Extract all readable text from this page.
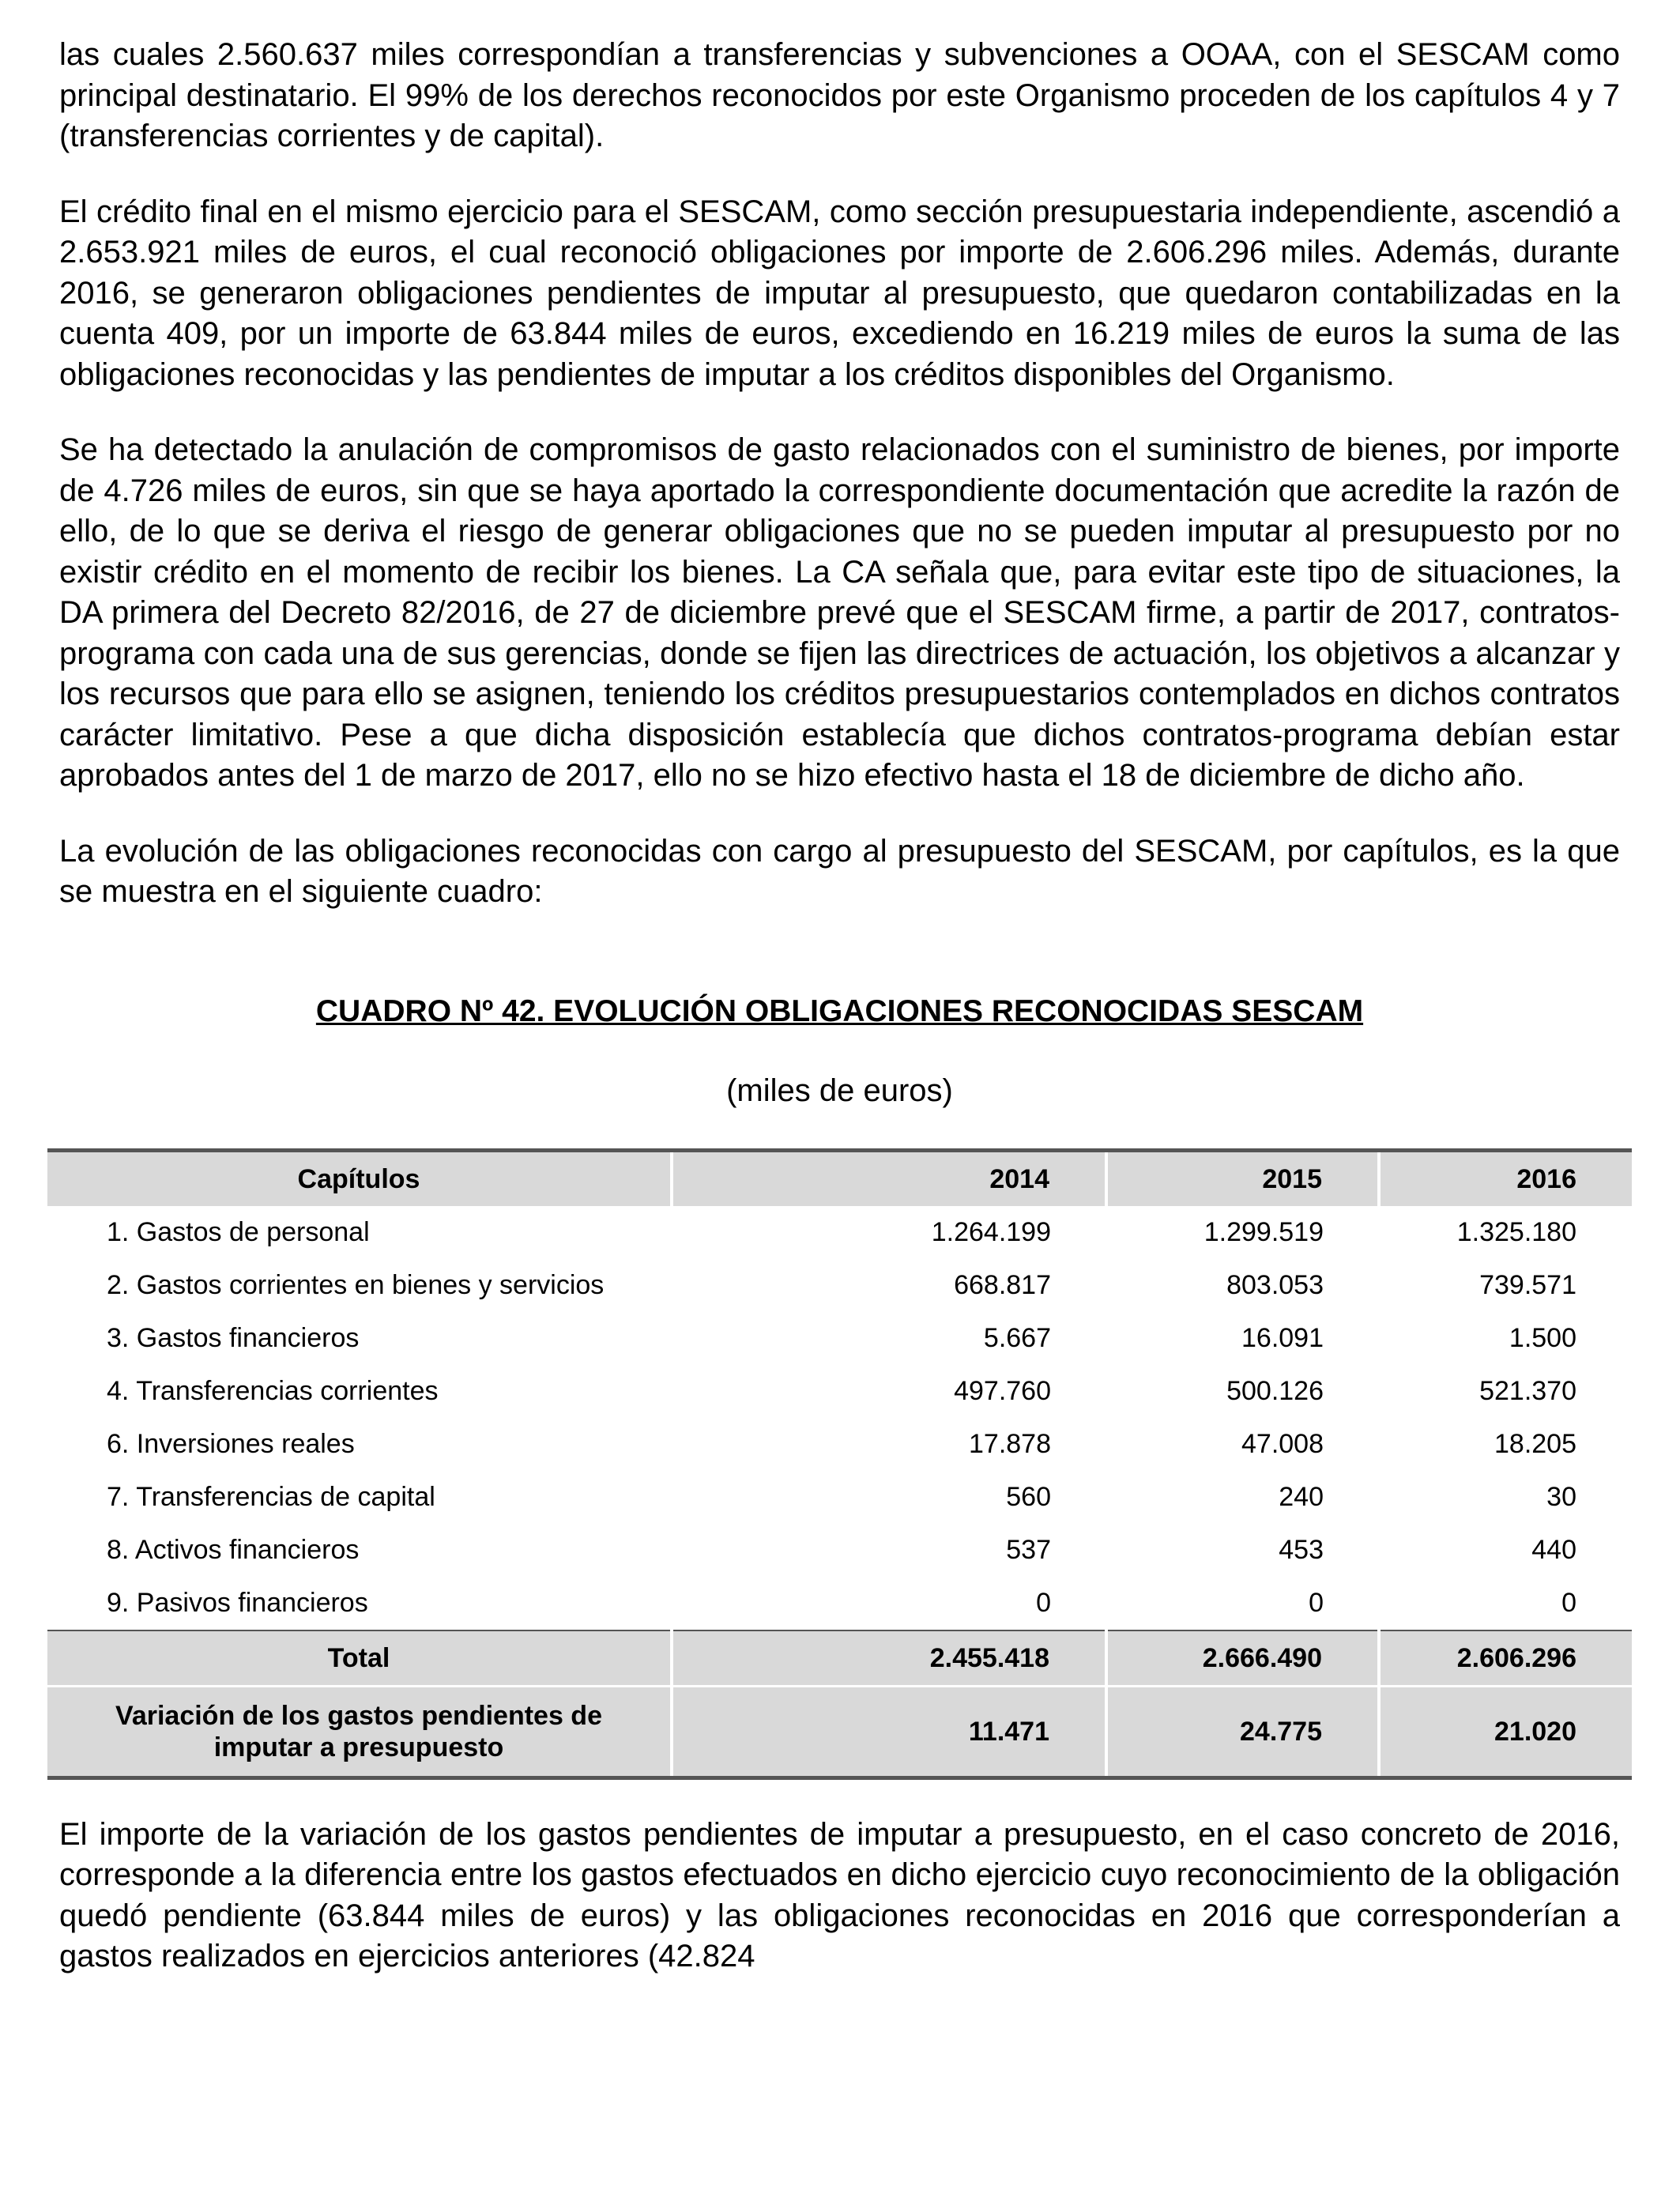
las cuales 2.560.637 miles correspondían a transferencias y subvenciones a OOAA, con el SESCAM como principal destinatario. El 99% de los derechos reconocidos por este Organismo proceden de los capítulos 4 y 7 (transferencias corrientes y de capital).

El crédito final en el mismo ejercicio para el SESCAM, como sección presupuestaria independiente, ascendió a 2.653.921 miles de euros, el cual reconoció obligaciones por importe de 2.606.296 miles. Además, durante 2016, se generaron obligaciones pendientes de imputar al presupuesto, que quedaron contabilizadas en la cuenta 409, por un importe de 63.844 miles de euros, excediendo en 16.219 miles de euros la suma de las obligaciones reconocidas y las pendientes de imputar a los créditos disponibles del Organismo.

Se ha detectado la anulación de compromisos de gasto relacionados con el suministro de bienes, por importe de 4.726 miles de euros, sin que se haya aportado la correspondiente documentación que acredite la razón de ello, de lo que se deriva el riesgo de generar obligaciones que no se pueden imputar al presupuesto por no existir crédito en el momento de recibir los bienes. La CA señala que, para evitar este tipo de situaciones, la DA primera del Decreto 82/2016, de 27 de diciembre prevé que el SESCAM firme, a partir de 2017, contratos-programa con cada una de sus gerencias, donde se fijen las directrices de actuación, los objetivos a alcanzar y los recursos que para ello se asignen, teniendo los créditos presupuestarios contemplados en dichos contratos carácter limitativo. Pese a que dicha disposición establecía que dichos contratos-programa debían estar aprobados antes del 1 de marzo de 2017, ello no se hizo efectivo hasta el 18 de diciembre de dicho año.

La evolución de las obligaciones reconocidas con cargo al presupuesto del SESCAM, por capítulos, es la que se muestra en el siguiente cuadro:

CUADRO Nº 42. EVOLUCIÓN OBLIGACIONES RECONOCIDAS SESCAM
(miles de euros)
Capítulos	2014	2015	2016
1. Gastos de personal	1.264.199	1.299.519	1.325.180
2. Gastos corrientes en bienes y servicios	668.817	803.053	739.571
3. Gastos financieros	5.667	16.091	1.500
4. Transferencias corrientes	497.760	500.126	521.370
6. Inversiones reales	17.878	47.008	18.205
7. Transferencias de capital	560	240	30
8. Activos financieros	537	453	440
9. Pasivos financieros	0	0	0
Total	2.455.418	2.666.490	2.606.296

Variación de los gastos pendientes de imputar a presupuesto	11.471	24.775	21.020

El importe de la variación de los gastos pendientes de imputar a presupuesto, en el caso concreto de 2016, corresponde a la diferencia entre los gastos efectuados en dicho ejercicio cuyo reconocimiento de la obligación quedó pendiente (63.844 miles de euros) y las obligaciones reconocidas en 2016 que corresponderían a gastos realizados en ejercicios anteriores (42.824
